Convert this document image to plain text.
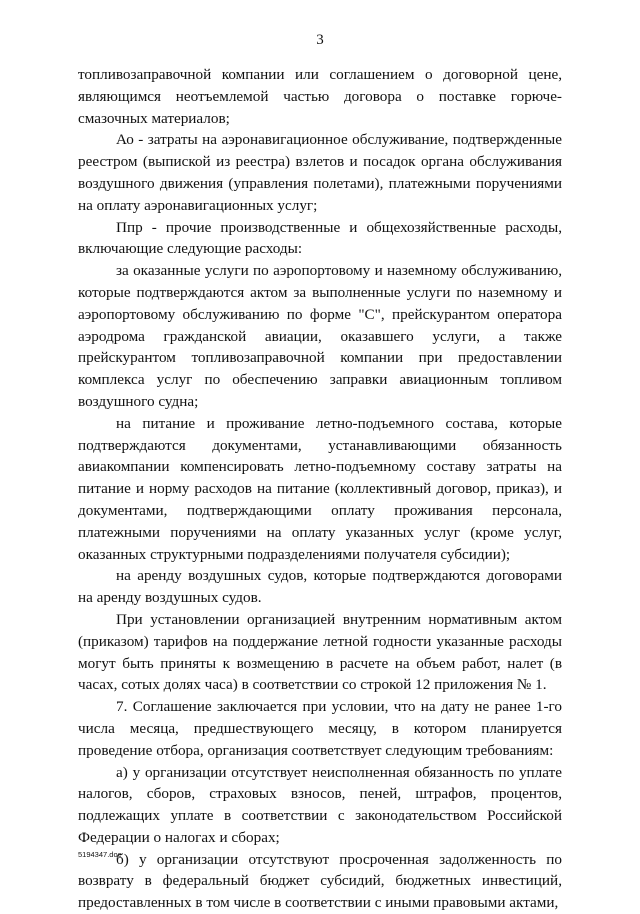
3

топливозаправочной компании или соглашением о договорной цене, являющимся неотъемлемой частью договора о поставке горюче-смазочных материалов;

Ао - затраты на аэронавигационное обслуживание, подтвержденные реестром (выпиской из реестра) взлетов и посадок органа обслуживания воздушного движения (управления полетами), платежными поручениями на оплату аэронавигационных услуг;

Ппр - прочие производственные и общехозяйственные расходы, включающие следующие расходы:

за оказанные услуги по аэропортовому и наземному обслуживанию, которые подтверждаются актом за выполненные услуги по наземному и аэропортовому обслуживанию по форме "С", прейскурантом оператора аэродрома гражданской авиации, оказавшего услуги, а также прейскурантом топливозаправочной компании при предоставлении комплекса услуг по обеспечению заправки авиационным топливом воздушного судна;

на питание и проживание летно-подъемного состава, которые подтверждаются документами, устанавливающими обязанность авиакомпании компенсировать летно-подъемному составу затраты на питание и норму расходов на питание (коллективный договор, приказ), и документами, подтверждающими оплату проживания персонала, платежными поручениями на оплату указанных услуг (кроме услуг, оказанных структурными подразделениями получателя субсидии);

на аренду воздушных судов, которые подтверждаются договорами на аренду воздушных судов.

При установлении организацией внутренним нормативным актом (приказом) тарифов на поддержание летной годности указанные расходы могут быть приняты к возмещению в расчете на объем работ, налет (в часах, сотых долях часа) в соответствии со строкой 12 приложения № 1.

7. Соглашение заключается при условии, что на дату не ранее 1-го числа месяца, предшествующего месяцу, в котором планируется проведение отбора, организация соответствует следующим требованиям:

а) у организации отсутствует неисполненная обязанность по уплате налогов, сборов, страховых взносов, пеней, штрафов, процентов, подлежащих уплате в соответствии с законодательством Российской Федерации о налогах и сборах;

б) у организации отсутствуют просроченная задолженность по возврату в федеральный бюджет субсидий, бюджетных инвестиций, предоставленных в том числе в соответствии с иными правовыми актами,

5194347.doc
